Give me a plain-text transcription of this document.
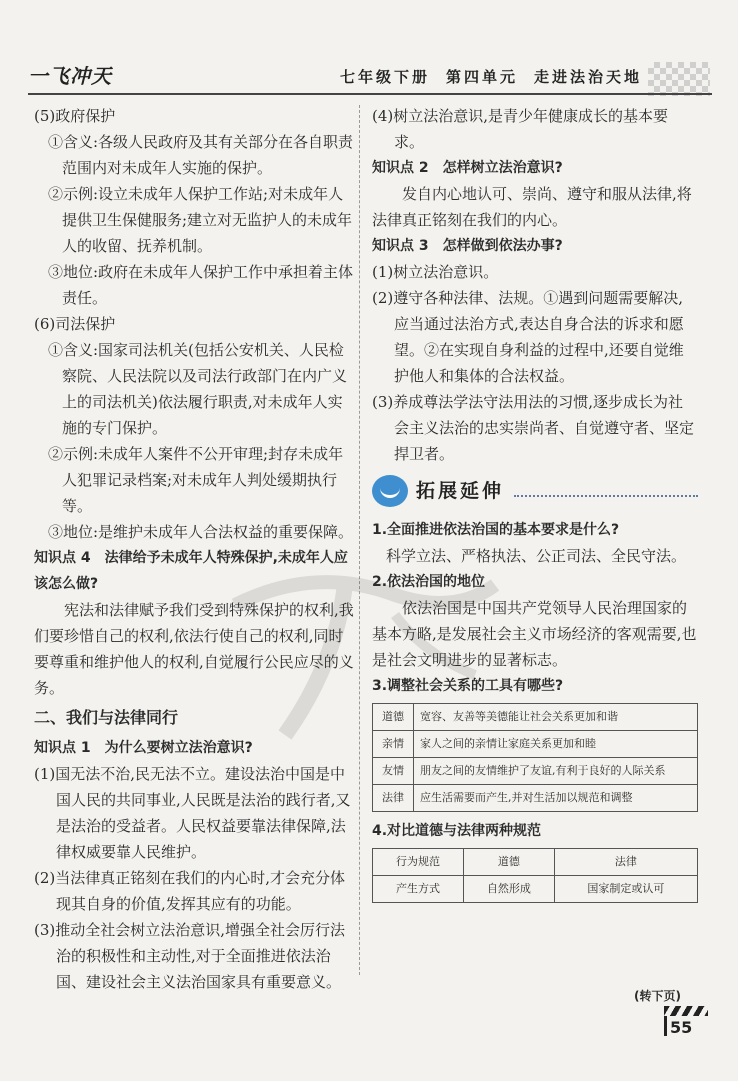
一飞冲天	七年级下册 第四单元 走进法治天地

(5)政府保护

①含义:各级人民政府及其有关部分在各自职责范围内对未成年人实施的保护。

②示例:设立未成年人保护工作站;对未成年人提供卫生保健服务;建立对无监护人的未成年人的收留、抚养机制。

③地位:政府在未成年人保护工作中承担着主体责任。

(6)司法保护

①含义:国家司法机关(包括公安机关、人民检察院、人民法院以及司法行政部门在内广义上的司法机关)依法履行职责,对未成年人实施的专门保护。

②示例:未成年人案件不公开审理;封存未成年人犯罪记录档案;对未成年人判处缓期执行等。

③地位:是维护未成年人合法权益的重要保障。

知识点 4　法律给予未成年人特殊保护,未成年人应该怎么做?

宪法和法律赋予我们受到特殊保护的权利,我们要珍惜自己的权利,依法行使自己的权利,同时要尊重和维护他人的权利,自觉履行公民应尽的义务。

二、我们与法律同行

知识点 1　为什么要树立法治意识?

(1)国无法不治,民无法不立。建设法治中国是中国人民的共同事业,人民既是法治的践行者,又是法治的受益者。人民权益要靠法律保障,法律权威要靠人民维护。

(2)当法律真正铭刻在我们的内心时,才会充分体现其自身的价值,发挥其应有的功能。

(3)推动全社会树立法治意识,增强全社会厉行法治的积极性和主动性,对于全面推进依法治国、建设社会主义法治国家具有重要意义。

(4)树立法治意识,是青少年健康成长的基本要求。

知识点 2　怎样树立法治意识?

发自内心地认可、崇尚、遵守和服从法律,将法律真正铭刻在我们的内心。

知识点 3　怎样做到依法办事?

(1)树立法治意识。

(2)遵守各种法律、法规。①遇到问题需要解决,应当通过法治方式,表达自身合法的诉求和愿望。②在实现自身利益的过程中,还要自觉维护他人和集体的合法权益。

(3)养成尊法学法守法用法的习惯,逐步成长为社会主义法治的忠实崇尚者、自觉遵守者、坚定捍卫者。

拓展延伸

1.全面推进依法治国的基本要求是什么?

科学立法、严格执法、公正司法、全民守法。

2.依法治国的地位

依法治国是中国共产党领导人民治理国家的基本方略,是发展社会主义市场经济的客观需要,也是社会文明进步的显著标志。

3.调整社会关系的工具有哪些?

道德	宽容、友善等美德能让社会关系更加和谐
亲情	家人之间的亲情让家庭关系更加和睦
友情	朋友之间的友情维护了友谊,有利于良好的人际关系
法律	应生活需要而产生,并对生活加以规范和调整

4.对比道德与法律两种规范

行为规范	道德	法律
产生方式	自然形成	国家制定或认可
(转下页)
55
